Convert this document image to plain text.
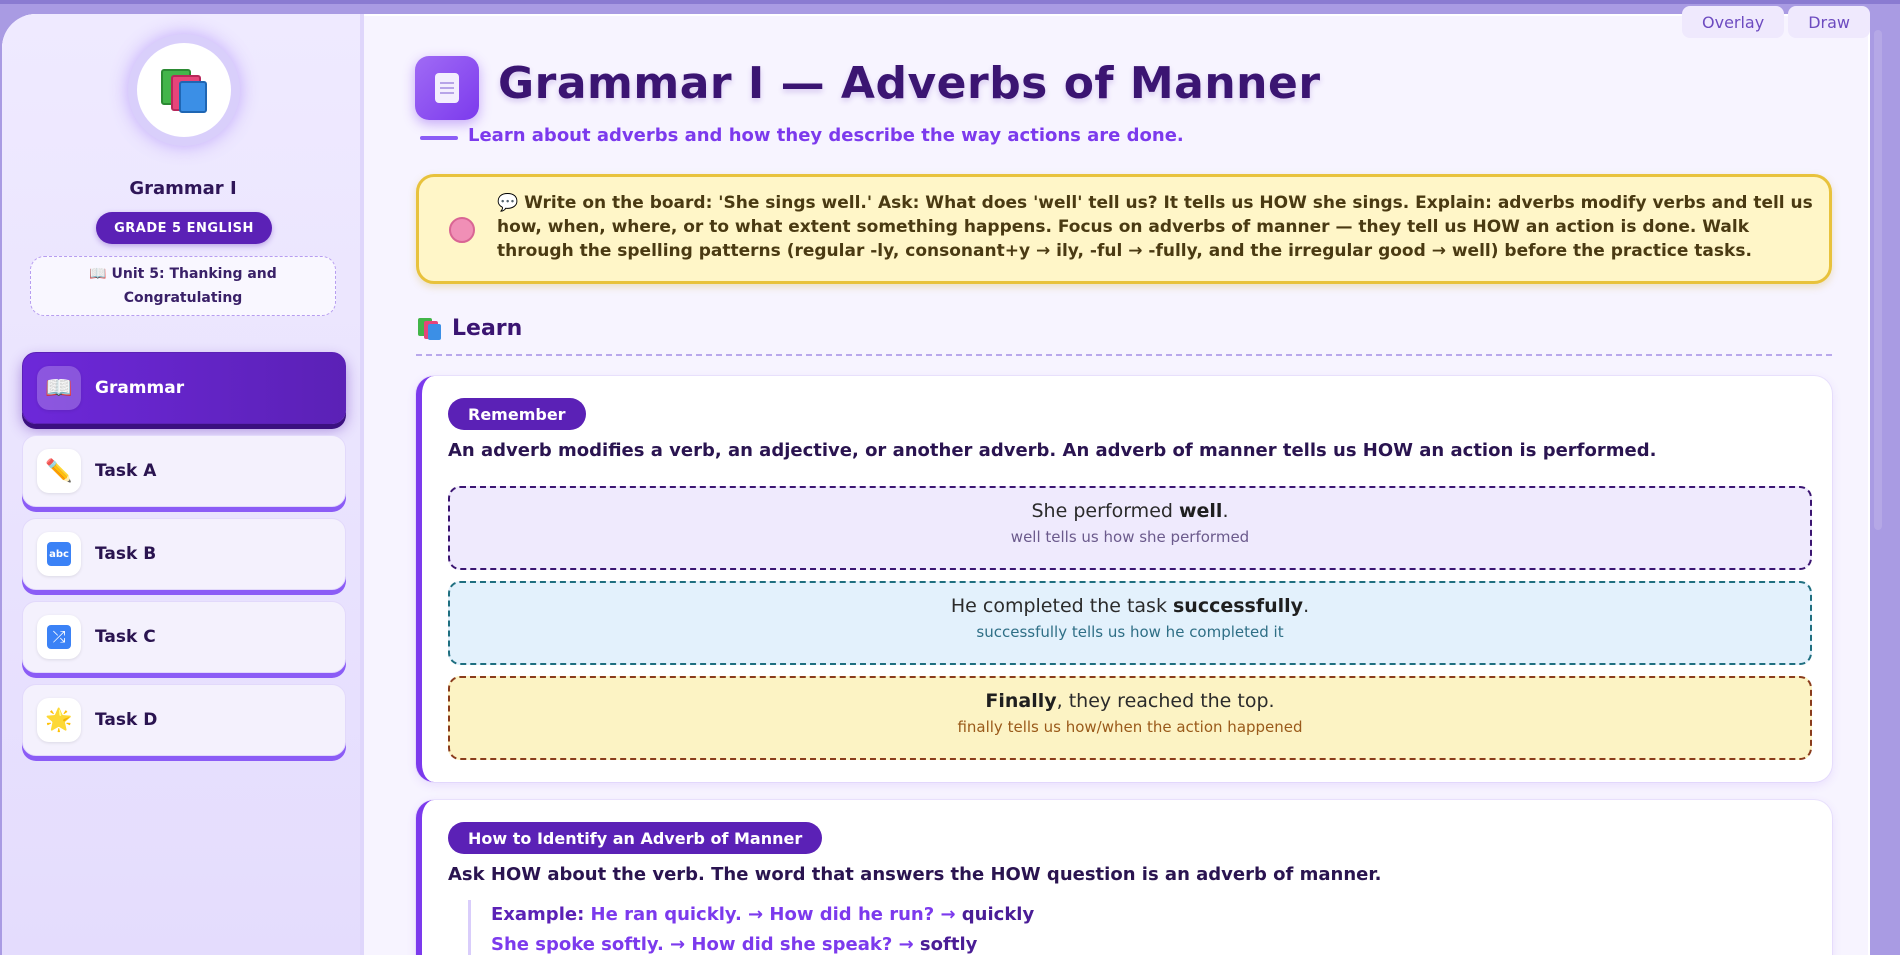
Grammar I
GRADE 5 ENGLISH
📖 Unit 5: Thanking and Congratulating
📖	Grammar
✏️	Task A
abc Task B
⤮	Task C
🌟	Task D
Grammar I — Adverbs of Manner
Learn about adverbs and how they describe the way actions are done.
💬 Write on the board: 'She sings well.' Ask: What does 'well' tell us? It tells us HOW she sings. Explain: adverbs modify verbs and tell us how, when, where, or to what extent something happens. Focus on adverbs of manner — they tell us HOW an action is done. Walk through the spelling patterns (regular -ly, consonant+y → ily, -ful → -fully, and the irregular good → well) before the practice tasks.
Learn
Remember
An adverb modifies a verb, an adjective, or another adverb. An adverb of manner tells us HOW an action is performed.
She performed well.
well tells us how she performed
He completed the task successfully.
successfully tells us how he completed it
Finally, they reached the top.
finally tells us how/when the action happened
How to Identify an Adverb of Manner
Ask HOW about the verb. The word that answers the HOW question is an adverb of manner.
Example: He ran quickly. → How did he run? → quickly
She spoke softly. → How did she speak? → softly
Overlay	Draw
